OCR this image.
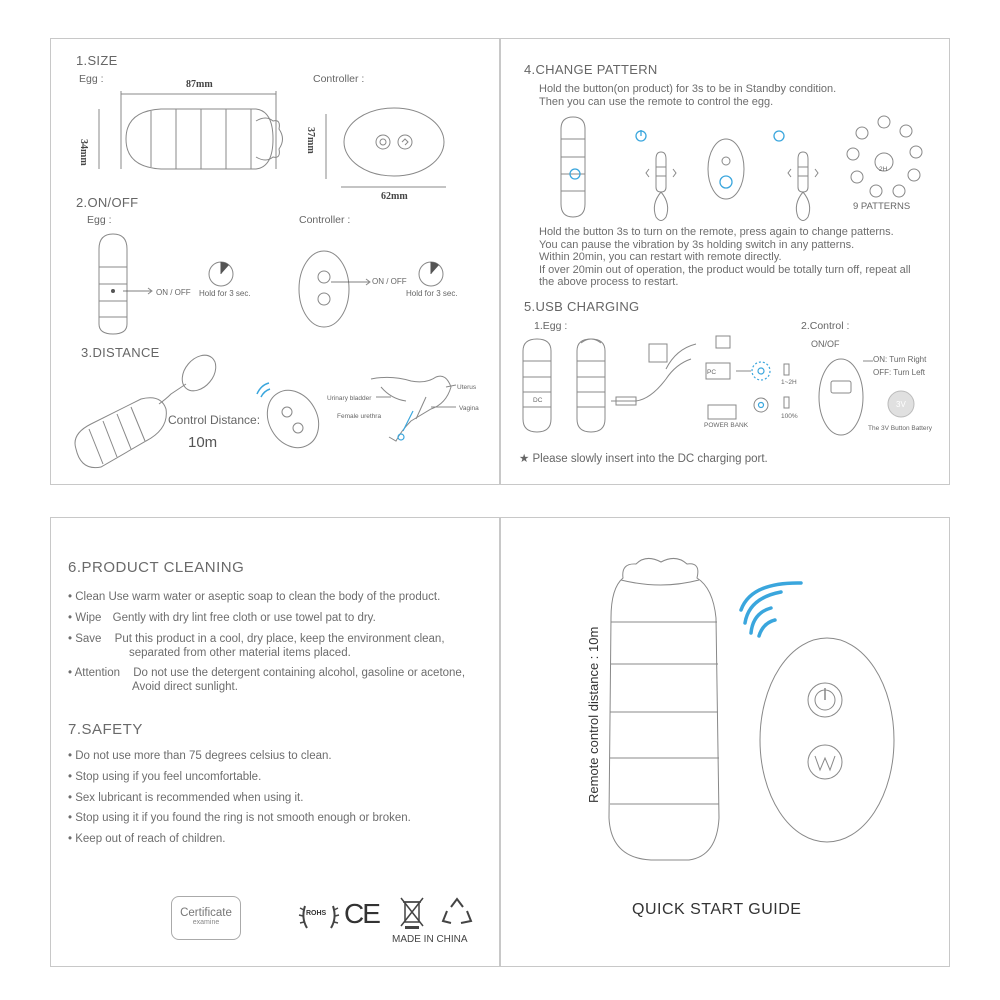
1.SIZE
Egg :	Controller :
87mm
34mm	37mm
62mm
2.ON/OFF
Egg :	Controller :
ON / OFF Hold for 3 sec.
ON / OFF
Hold for 3 sec.
3.DISTANCE
Control Distance:
10m
Uterus
Urinary bladder
Female urethra
Vagina
4.CHANGE PATTERN
Hold the button(on product) for 3s to be in Standby condition.
Then you can use the remote to control the egg.
2H
9 PATTERNS
Hold the button 3s to turn on the remote, press again to change patterns.
You can pause the vibration by 3s holding switch in any patterns.
Within 20min, you can restart with remote directly.
If over 20min out of operation, the product would be totally turn off, repeat all
the above process to restart.
5.USB CHARGING
1.Egg :	2.Control :
ON/OF
ON: Turn Right
OFF: Turn Left
The 3V Button Battery
PC
POWER BANK
1~2H
100%
DC	3V
★ Please slowly insert into the DC charging port.
6.PRODUCT CLEANING
• Clean Use warm water or aseptic soap to clean the body of the product.
• Wipe Gently with dry lint free cloth or use towel pat to dry.
• Save Put this product in a cool, dry place, keep the environment clean,
separated from other material items placed.
• Attention Do not use the detergent containing alcohol, gasoline or acetone,
Avoid direct sunlight.
7.SAFETY
• Do not use more than 75 degrees celsius to clean.
• Stop using if you feel uncomfortable.
• Sex lubricant is recommended when using it.
• Stop using it if you found the ring is not smooth enough or broken.
• Keep out of reach of children.
Certificate
examine
ROHS CE
MADE IN CHINA
Remote control distance : 10m
QUICK START GUIDE
